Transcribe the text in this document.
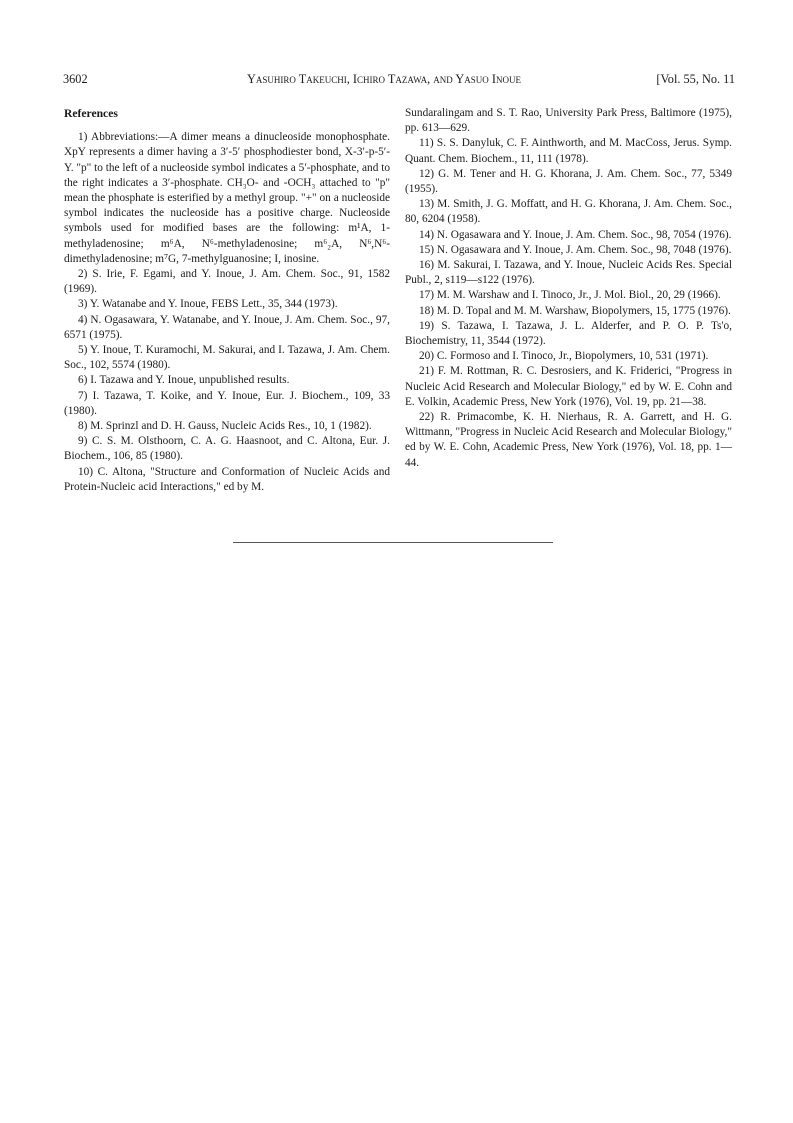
3602	Yasuhiro Takeuchi, Ichiro Tazawa, and Yasuo Inoue	[Vol. 55, No. 11
References

1) Abbreviations:—A dimer means a dinucleoside monophosphate. XpY represents a dimer having a 3′-5′ phosphodiester bond, X-3′-p-5′-Y. "p" to the left of a nucleoside symbol indicates a 5′-phosphate, and to the right indicates a 3′-phosphate. CH₃O- and -OCH₃ attached to "p" mean the phosphate is esterified by a methyl group. "+" on a nucleoside symbol indicates the nucleoside has a positive charge. Nucleoside symbols used for modified bases are the following: m¹A, 1-methyladenosine; m⁶A, N⁶-methyladenosine; m⁶₂A, N⁶,N⁶-dimethyladenosine; m⁷G, 7-methylguanosine; I, inosine.

2) S. Irie, F. Egami, and Y. Inoue, J. Am. Chem. Soc., 91, 1582 (1969).

3) Y. Watanabe and Y. Inoue, FEBS Lett., 35, 344 (1973).

4) N. Ogasawara, Y. Watanabe, and Y. Inoue, J. Am. Chem. Soc., 97, 6571 (1975).

5) Y. Inoue, T. Kuramochi, M. Sakurai, and I. Tazawa, J. Am. Chem. Soc., 102, 5574 (1980).

6) I. Tazawa and Y. Inoue, unpublished results.

7) I. Tazawa, T. Koike, and Y. Inoue, Eur. J. Biochem., 109, 33 (1980).

8) M. Sprinzl and D. H. Gauss, Nucleic Acids Res., 10, 1 (1982).

9) C. S. M. Olsthoorn, C. A. G. Haasnoot, and C. Altona, Eur. J. Biochem., 106, 85 (1980).

10) C. Altona, "Structure and Conformation of Nucleic Acids and Protein-Nucleic acid Interactions," ed by M.

Sundaralingam and S. T. Rao, University Park Press, Baltimore (1975), pp. 613—629.

11) S. S. Danyluk, C. F. Ainthworth, and M. MacCoss, Jerus. Symp. Quant. Chem. Biochem., 11, 111 (1978).

12) G. M. Tener and H. G. Khorana, J. Am. Chem. Soc., 77, 5349 (1955).

13) M. Smith, J. G. Moffatt, and H. G. Khorana, J. Am. Chem. Soc., 80, 6204 (1958).

14) N. Ogasawara and Y. Inoue, J. Am. Chem. Soc., 98, 7054 (1976).

15) N. Ogasawara and Y. Inoue, J. Am. Chem. Soc., 98, 7048 (1976).

16) M. Sakurai, I. Tazawa, and Y. Inoue, Nucleic Acids Res. Special Publ., 2, s119—s122 (1976).

17) M. M. Warshaw and I. Tinoco, Jr., J. Mol. Biol., 20, 29 (1966).

18) M. D. Topal and M. M. Warshaw, Biopolymers, 15, 1775 (1976).

19) S. Tazawa, I. Tazawa, J. L. Alderfer, and P. O. P. Ts'o, Biochemistry, 11, 3544 (1972).

20) C. Formoso and I. Tinoco, Jr., Biopolymers, 10, 531 (1971).

21) F. M. Rottman, R. C. Desrosiers, and K. Friderici, "Progress in Nucleic Acid Research and Molecular Biology," ed by W. E. Cohn and E. Volkin, Academic Press, New York (1976), Vol. 19, pp. 21—38.

22) R. Primacombe, K. H. Nierhaus, R. A. Garrett, and H. G. Wittmann, "Progress in Nucleic Acid Research and Molecular Biology," ed by W. E. Cohn, Academic Press, New York (1976), Vol. 18, pp. 1—44.
